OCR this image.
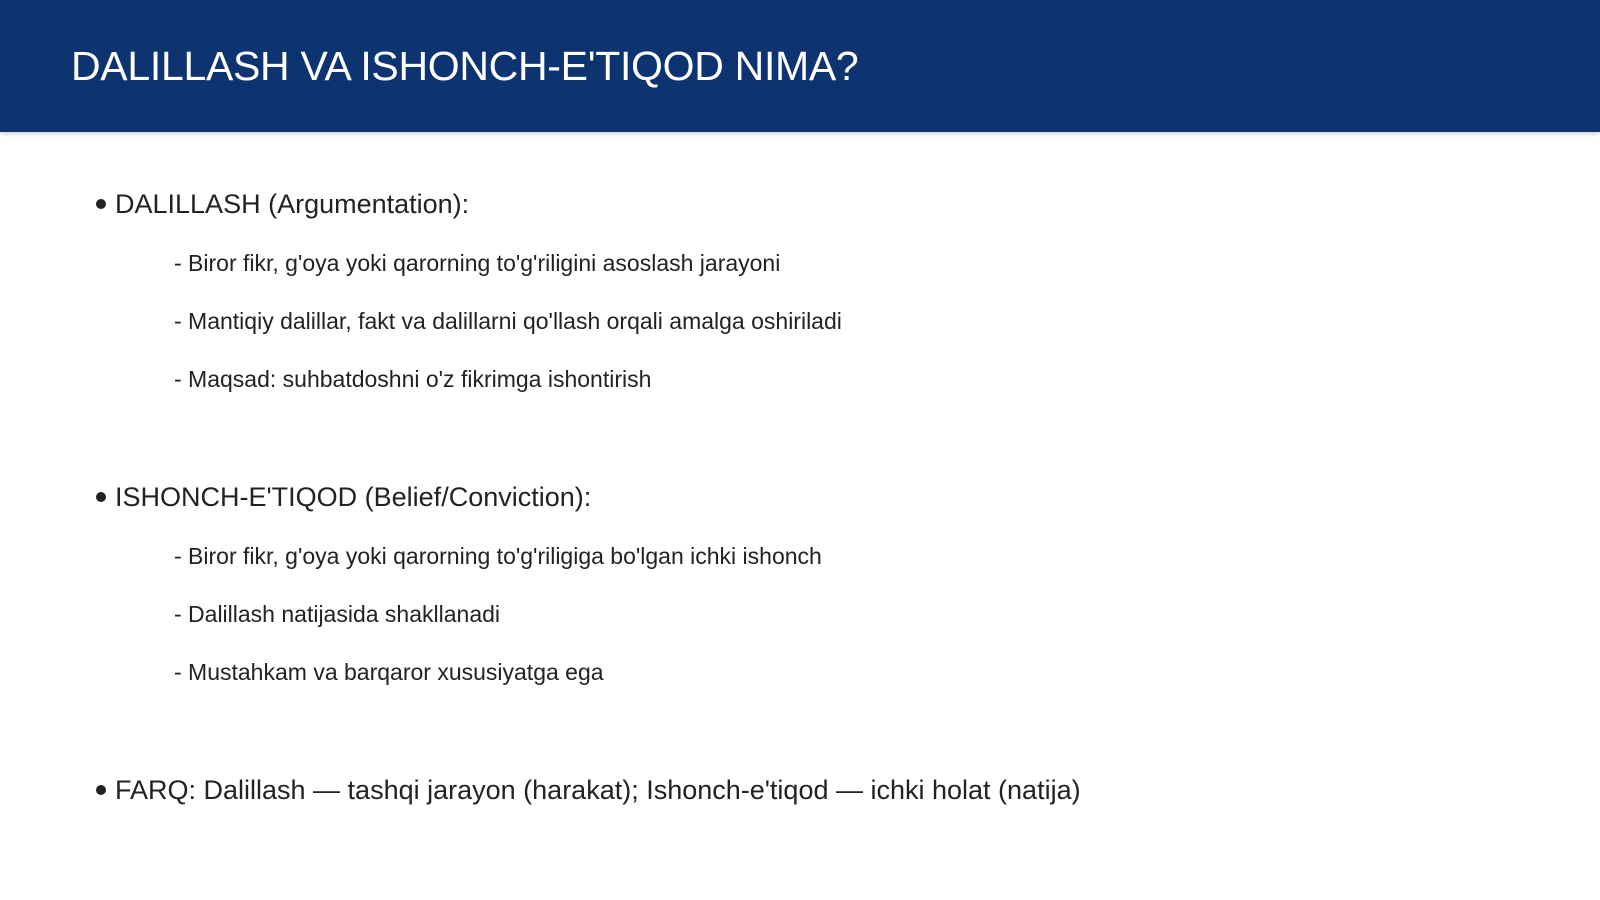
DALILLASH VA ISHONCH-E'TIQOD NIMA?
DALILLASH (Argumentation):
- Biror fikr, g'oya yoki qarorning to'g'riligini asoslash jarayoni
- Mantiqiy dalillar, fakt va dalillarni qo'llash orqali amalga oshiriladi
- Maqsad: suhbatdoshni o'z fikrimga ishontirish
ISHONCH-E'TIQOD (Belief/Conviction):
- Biror fikr, g'oya yoki qarorning to'g'riligiga bo'lgan ichki ishonch
- Dalillash natijasida shakllanadi
- Mustahkam va barqaror xususiyatga ega
FARQ: Dalillash — tashqi jarayon (harakat); Ishonch-e'tiqod — ichki holat (natija)
